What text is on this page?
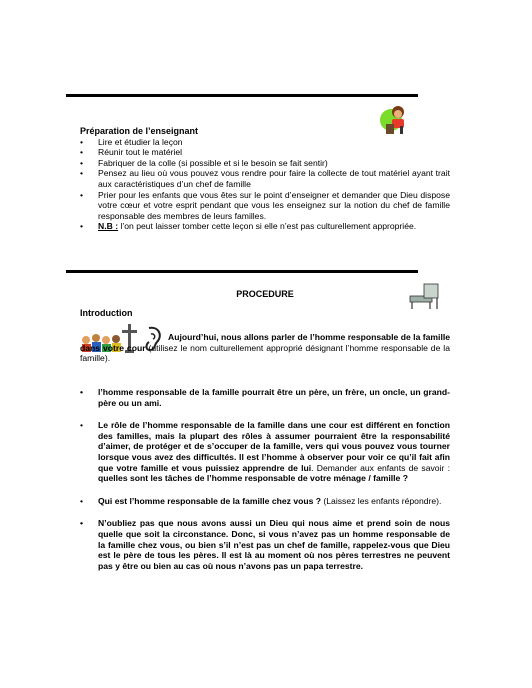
Préparation de l’enseignant
• Lire et étudier la leçon
• Réunir tout le matériel
• Fabriquer de la colle (si possible et si le besoin se fait sentir)
• Pensez au lieu où vous pouvez vous rendre pour faire la collecte de tout matériel ayant trait aux caractéristiques d’un chef de famille
• Prier pour les enfants que vous êtes sur le point d’enseigner et demander que Dieu dispose votre cœur et votre esprit pendant que vous les enseignez sur la notion du chef de famille responsable des membres de leurs familles.
• N.B : l’on peut laisser tomber cette leçon si elle n’est pas culturellement appropriée.
PROCEDURE
Introduction
Aujourd’hui, nous allons parler de l’homme responsable de la famille dans votre cour (utilisez le nom culturellement approprié désignant l’homme responsable de la famille).
• l’homme responsable de la famille pourrait être un père, un frère, un oncle, un grand-père ou un ami.
• Le rôle de l’homme responsable de la famille dans une cour est différent en fonction des familles, mais la plupart des rôles à assumer pourraient être la responsabilité d’aimer, de protéger et de s’occuper de la famille, vers qui vous pouvez vous tourner lorsque vous avez des difficultés. Il est l’homme à observer pour voir ce qu’il fait afin que votre famille et vous puissiez apprendre de lui. Demander aux enfants de savoir : quelles sont les tâches de l’homme responsable de votre ménage / famille ?
• Qui est l’homme responsable de la famille chez vous ? (Laissez les enfants répondre).
• N’oubliez pas que nous avons aussi un Dieu qui nous aime et prend soin de nous quelle que soit la circonstance. Donc, si vous n’avez pas un homme responsable de la famille chez vous, ou bien s’il n’est pas un chef de famille, rappelez-vous que Dieu est le père de tous les pères. Il est là au moment où nos pères terrestres ne peuvent pas y être ou bien au cas où nous n’avons pas un papa terrestre.
